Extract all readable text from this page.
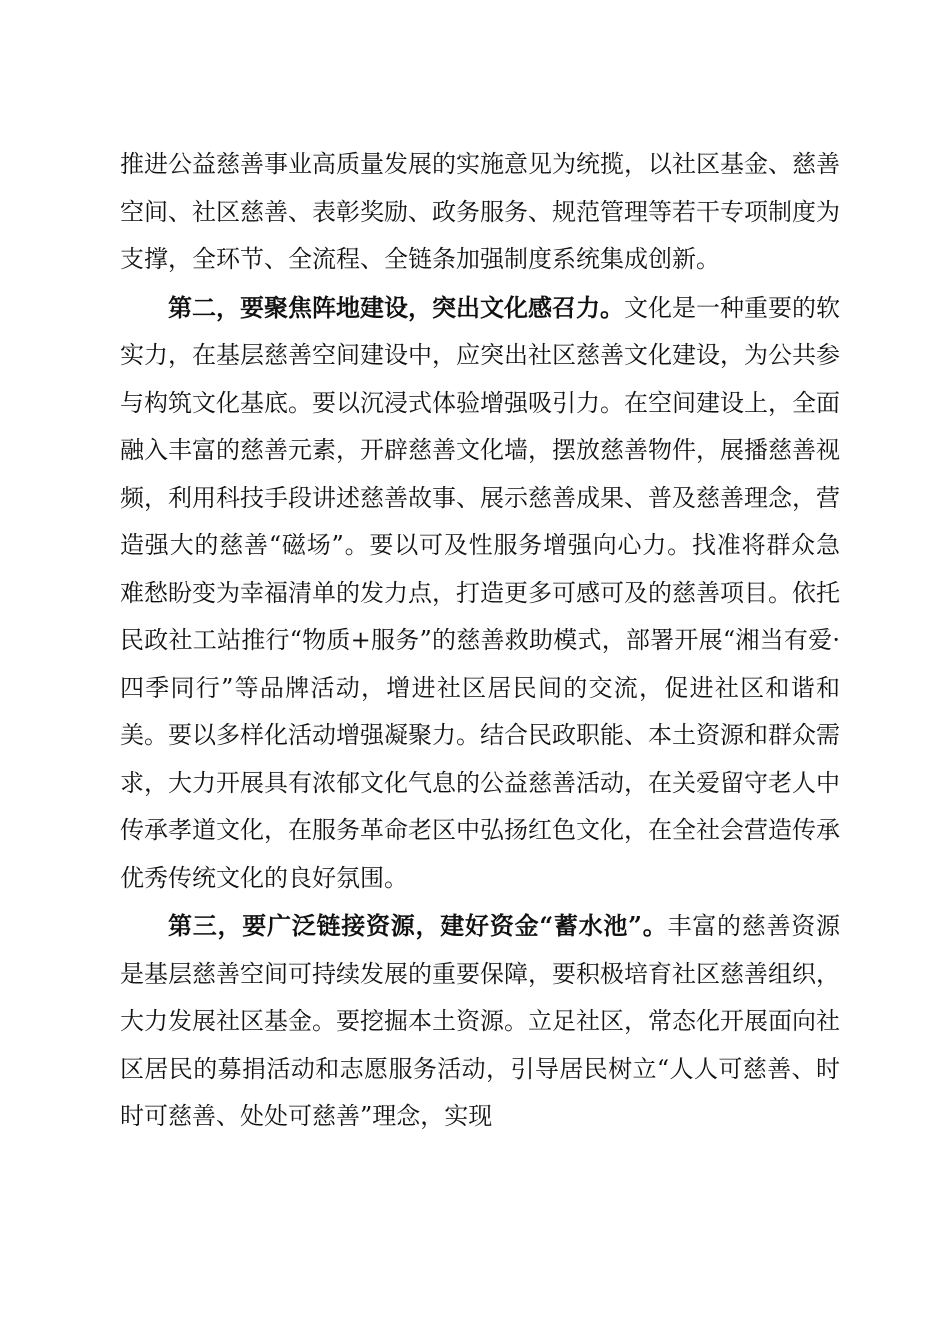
推进公益慈善事业高质量发展的实施意见为统揽，以社区基金、慈善空间、社区慈善、表彰奖励、政务服务、规范管理等若干专项制度为支撑，全环节、全流程、全链条加强制度系统集成创新。

第二，要聚焦阵地建设，突出文化感召力。文化是一种重要的软实力，在基层慈善空间建设中，应突出社区慈善文化建设，为公共参与构筑文化基底。要以沉浸式体验增强吸引力。在空间建设上，全面融入丰富的慈善元素，开辟慈善文化墙，摆放慈善物件，展播慈善视频，利用科技手段讲述慈善故事、展示慈善成果、普及慈善理念，营造强大的慈善“磁场”。要以可及性服务增强向心力。找准将群众急难愁盼变为幸福清单的发力点，打造更多可感可及的慈善项目。依托民政社工站推行“物质+服务”的慈善救助模式，部署开展“湘当有爱·四季同行”等品牌活动，增进社区居民间的交流，促进社区和谐和美。要以多样化活动增强凝聚力。结合民政职能、本土资源和群众需求，大力开展具有浓郁文化气息的公益慈善活动，在关爱留守老人中传承孝道文化，在服务革命老区中弘扬红色文化，在全社会营造传承优秀传统文化的良好氛围。

第三，要广泛链接资源，建好资金“蓄水池”。丰富的慈善资源是基层慈善空间可持续发展的重要保障，要积极培育社区慈善组织，大力发展社区基金。要挖掘本土资源。立足社区，常态化开展面向社区居民的募捐活动和志愿服务活动，引导居民树立“人人可慈善、时时可慈善、处处可慈善”理念，实现
